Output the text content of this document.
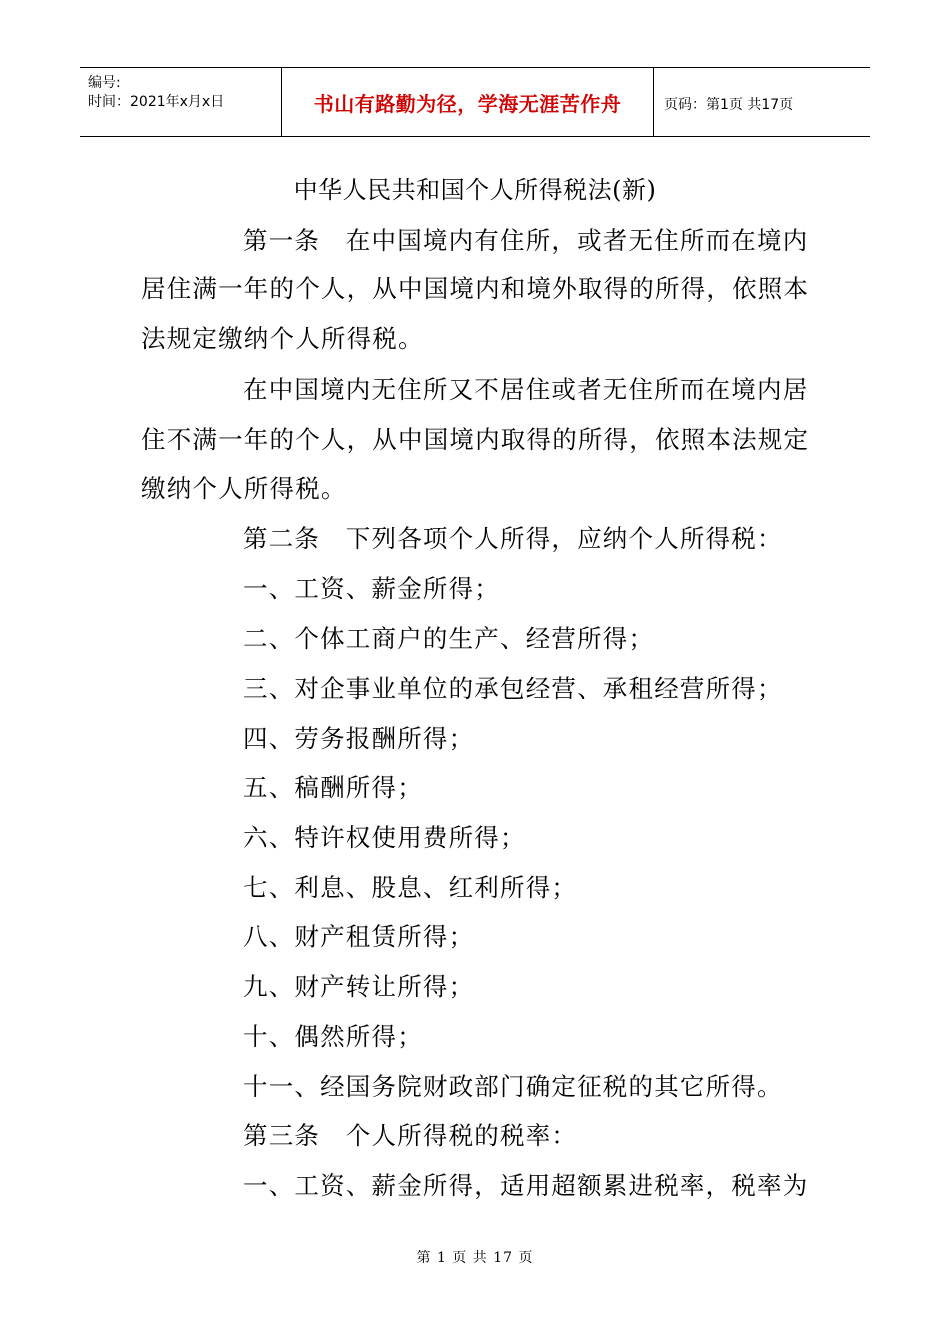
编号:
时间：2021年x月x日	书山有路勤为径，学海无涯苦作舟	页码：第1页 共17页
中华人民共和国个人所得税法(新)
第一条　在中国境内有住所，或者无住所而在境内
居住满一年的个人，从中国境内和境外取得的所得，依照本
法规定缴纳个人所得税。
在中国境内无住所又不居住或者无住所而在境内居
住不满一年的个人，从中国境内取得的所得，依照本法规定
缴纳个人所得税。
第二条　下列各项个人所得，应纳个人所得税：
一、工资、薪金所得；
二、个体工商户的生产、经营所得；
三、对企事业单位的承包经营、承租经营所得；
四、劳务报酬所得；
五、稿酬所得；
六、特许权使用费所得；
七、利息、股息、红利所得；
八、财产租赁所得；
九、财产转让所得；
十、偶然所得；
十一、经国务院财政部门确定征税的其它所得。
第三条　个人所得税的税率：
一、工资、薪金所得，适用超额累进税率，税率为
第 1 页 共 17 页
